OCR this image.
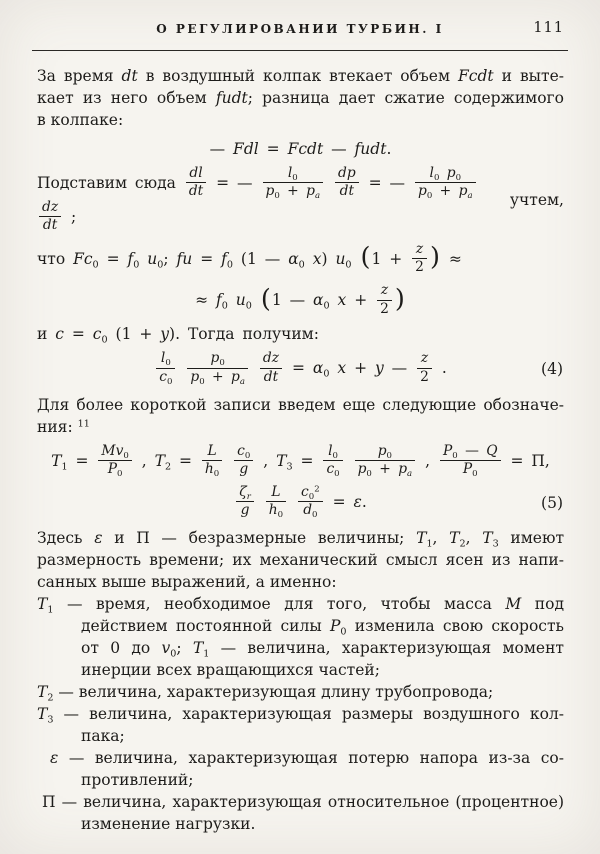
О РЕГУЛИРОВАНИИ ТУРБИН. I	111

За время dt в воздушный колпак втекает объем Fcdt и выте-
кает из него объем fudt; разница дает сжатие содержимого
в колпаке:

— Fdl = Fcdt — fudt.
Подставим сюда $\frac{dl}{dt}$ = — $\frac{l_0}{p_0 + p_a}$
$\frac{dp}{dt}$ = — $\frac{l_0 p_0}{p_0 + p_a}$

$\frac{dz}{dt}$ ;
учтем,
что $Fc_0 = f_0$ $u_0$; fu = $f_0$ (1 — $\alpha_0$ x) $u_0$ ($1 + \frac{z}{2}$ ) ≈
≈ $f_0$ $u_0$ (1 — $\alpha_0$ $x + \frac{z}{2}$ )
и $c = c_0$ (1 + y). Тогда получим:
$\frac{l_0}{c_0}$
$\frac{p_0}{p_0 + p_a}$
$\frac{dz}{dt} = \alpha_0$ x + y — $\frac{z}{2}$ .	(4)

Для более короткой записи введем еще следующие обозначе-
ния: $^{11}$

$T_1 = \frac{Mv_0}{P_0}$ , $T_2 = \frac{L}{h_0}$
$\frac{c_0}{g}$ , $T_3 = \frac{l_0}{c_0}$
$\frac{p_0}{p_0 + p_a}$ , $\frac{P_0 — Q}{P_0} = \Pi$,
$\frac{\zeta_r}{g}$
$\frac{L}{h_0}$
$\frac{c_0^2}{d_0} = \varepsilon$.	(5)

Здесь ε и Π — безразмерные величины; $T_1$, $T_2$, $T_3$ имеют
размерность времени; их механический смысл ясен из напи-
санных выше выражений, а именно:

$T_1$ — время, необходимое для того, чтобы масса M под
действием постоянной силы $P_0$ изменила свою скорость
от 0 до $v_0$; $T_1$ — величина, характеризующая момент
инерции всех вращающихся частей;
$T_2$ — величина, характеризующая длину трубопровода;
$T_3$ — величина, характеризующая размеры воздушного кол-
пака;
ε — величина, характеризующая потерю напора из-за со-
противлений;
Π — величина, характеризующая относительное (процентное)
изменение нагрузки.
